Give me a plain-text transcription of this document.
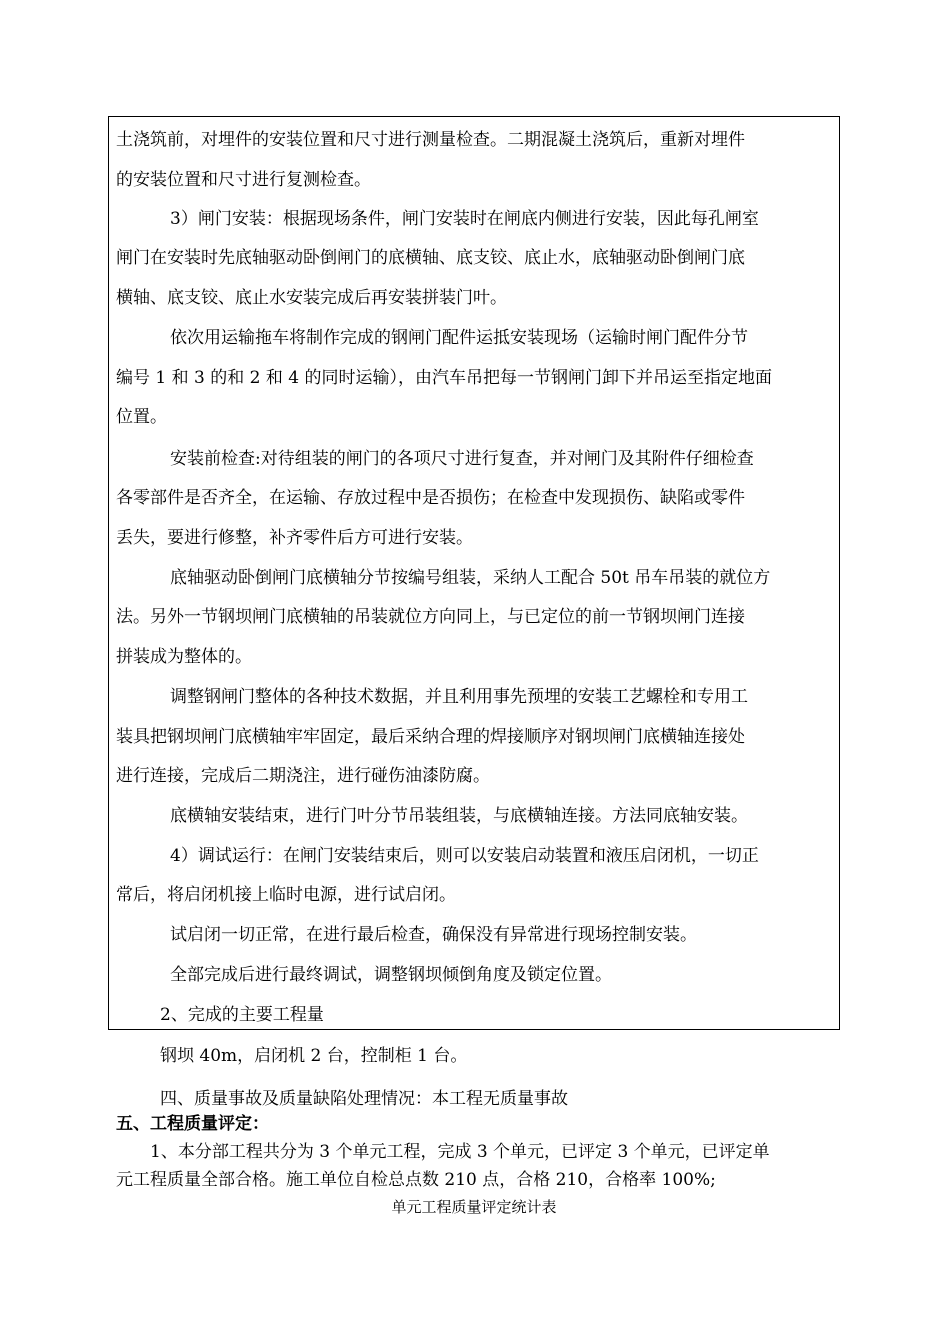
土浇筑前，对埋件的安装位置和尺寸进行测量检查。二期混凝土浇筑后，重新对埋件
的安装位置和尺寸进行复测检查。
3）闸门安装：根据现场条件，闸门安装时在闸底内侧进行安装，因此每孔闸室
闸门在安装时先底轴驱动卧倒闸门的底横轴、底支铰、底止水，底轴驱动卧倒闸门底
横轴、底支铰、底止水安装完成后再安装拼装门叶。
依次用运输拖车将制作完成的钢闸门配件运抵安装现场（运输时闸门配件分节
编号 1 和 3 的和 2 和 4 的同时运输），由汽车吊把每一节钢闸门卸下并吊运至指定地面
位置。
安装前检查:对待组装的闸门的各项尺寸进行复查，并对闸门及其附件仔细检查
各零部件是否齐全，在运输、存放过程中是否损伤；在检查中发现损伤、缺陷或零件
丢失，要进行修整，补齐零件后方可进行安装。
底轴驱动卧倒闸门底横轴分节按编号组装，采纳人工配合 50t 吊车吊装的就位方
法。另外一节钢坝闸门底横轴的吊装就位方向同上，与已定位的前一节钢坝闸门连接
拼装成为整体的。
调整钢闸门整体的各种技术数据，并且利用事先预埋的安装工艺螺栓和专用工
装具把钢坝闸门底横轴牢牢固定，最后采纳合理的焊接顺序对钢坝闸门底横轴连接处
进行连接，完成后二期浇注，进行碰伤油漆防腐。
底横轴安装结束，进行门叶分节吊装组装，与底横轴连接。方法同底轴安装。
4）调试运行：在闸门安装结束后，则可以安装启动装置和液压启闭机，一切正
常后，将启闭机接上临时电源，进行试启闭。
试启闭一切正常，在进行最后检查，确保没有异常进行现场控制安装。
全部完成后进行最终调试，调整钢坝倾倒角度及锁定位置。
2、完成的主要工程量
钢坝 40m，启闭机 2 台，控制柜 1 台。
四、质量事故及质量缺陷处理情况：本工程无质量事故
五、工程质量评定：
1、本分部工程共分为 3 个单元工程，完成 3 个单元，已评定 3 个单元，已评定单
元工程质量全部合格。施工单位自检总点数 210 点，合格 210，合格率 100%;
单元工程质量评定统计表
